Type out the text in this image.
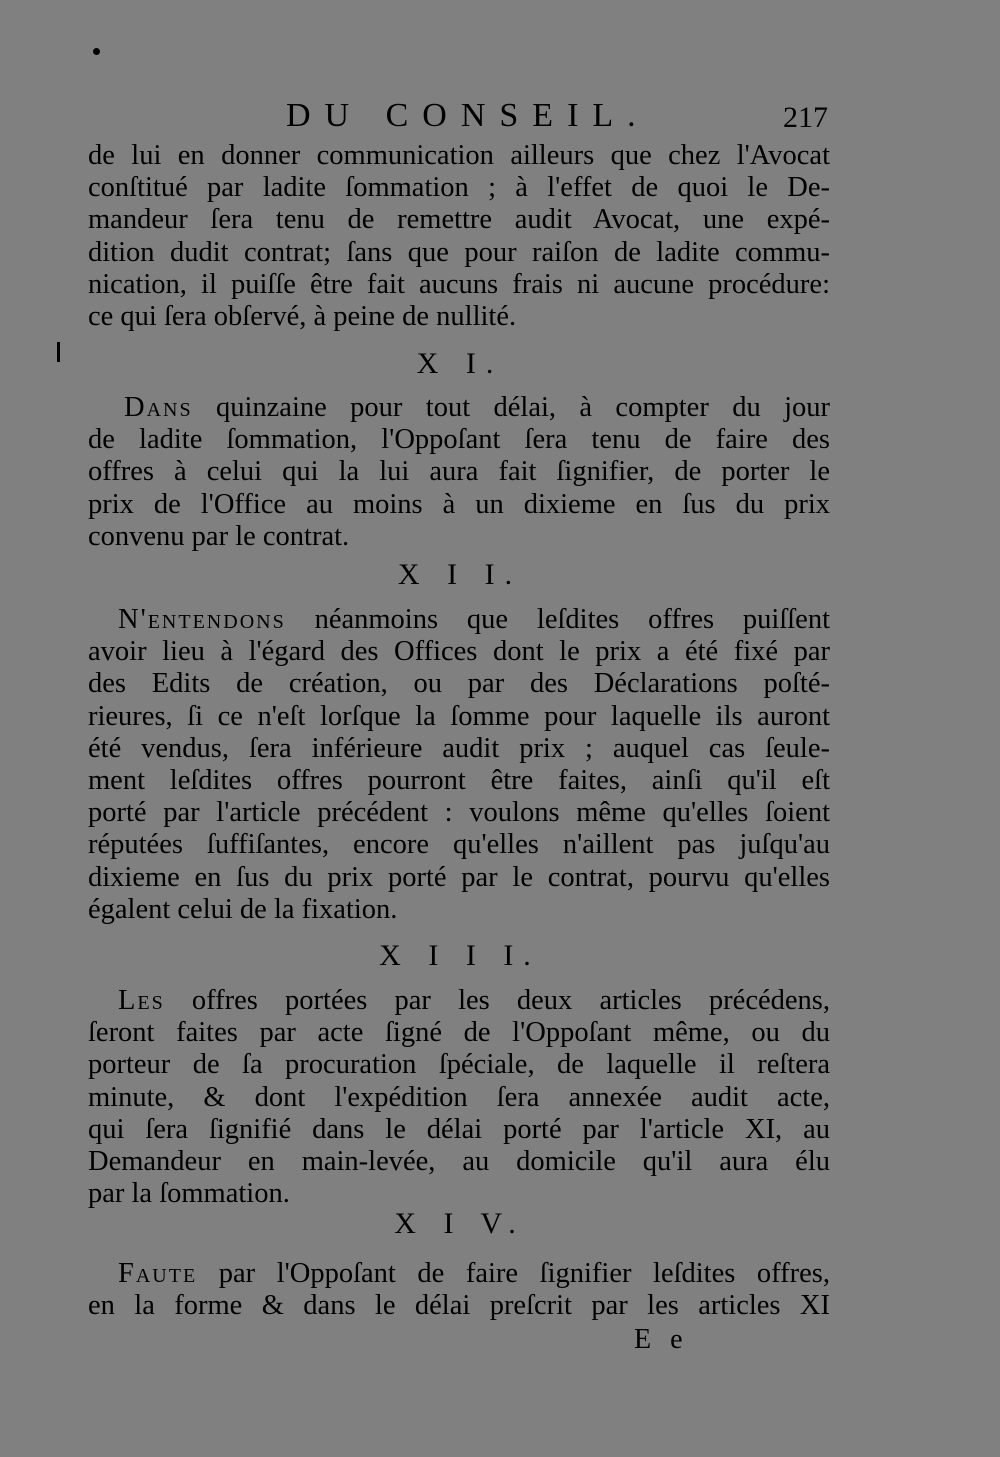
DU CONSEIL.	217
de lui en donner communication ailleurs que chez l'Avocat
conſtitué par ladite ſommation ; à l'effet de quoi le De-
mandeur ſera tenu de remettre audit Avocat, une expé-
dition dudit contrat; ſans que pour raiſon de ladite commu-
nication, il puiſſe être fait aucuns frais ni aucune procédure:
ce qui ſera obſervé, à peine de nullité.
X I.
Dans quinzaine pour tout délai, à compter du jour
de ladite ſommation, l'Oppoſant ſera tenu de faire des
offres à celui qui la lui aura fait ſignifier, de porter le
prix de l'Office au moins à un dixieme en ſus du prix
convenu par le contrat.
X I I.
N'entendons néanmoins que leſdites offres puiſſent
avoir lieu à l'égard des Offices dont le prix a été fixé par
des Edits de création, ou par des Déclarations poſté-
rieures, ſi ce n'eſt lorſque la ſomme pour laquelle ils auront
été vendus, ſera inférieure audit prix ; auquel cas ſeule-
ment leſdites offres pourront être faites, ainſi qu'il eſt
porté par l'article précédent : voulons même qu'elles ſoient
réputées ſuffiſantes, encore qu'elles n'aillent pas juſqu'au
dixieme en ſus du prix porté par le contrat, pourvu qu'elles
égalent celui de la fixation.
X I I I.
Les offres portées par les deux articles précédens,
ſeront faites par acte ſigné de l'Oppoſant même, ou du
porteur de ſa procuration ſpéciale, de laquelle il reſtera
minute, & dont l'expédition ſera annexée audit acte,
qui ſera ſignifié dans le délai porté par l'article XI, au
Demandeur en main-levée, au domicile qu'il aura élu
par la ſommation.
X I V.
Faute par l'Oppoſant de faire ſignifier leſdites offres,
en la forme & dans le délai preſcrit par les articles XI
E e
